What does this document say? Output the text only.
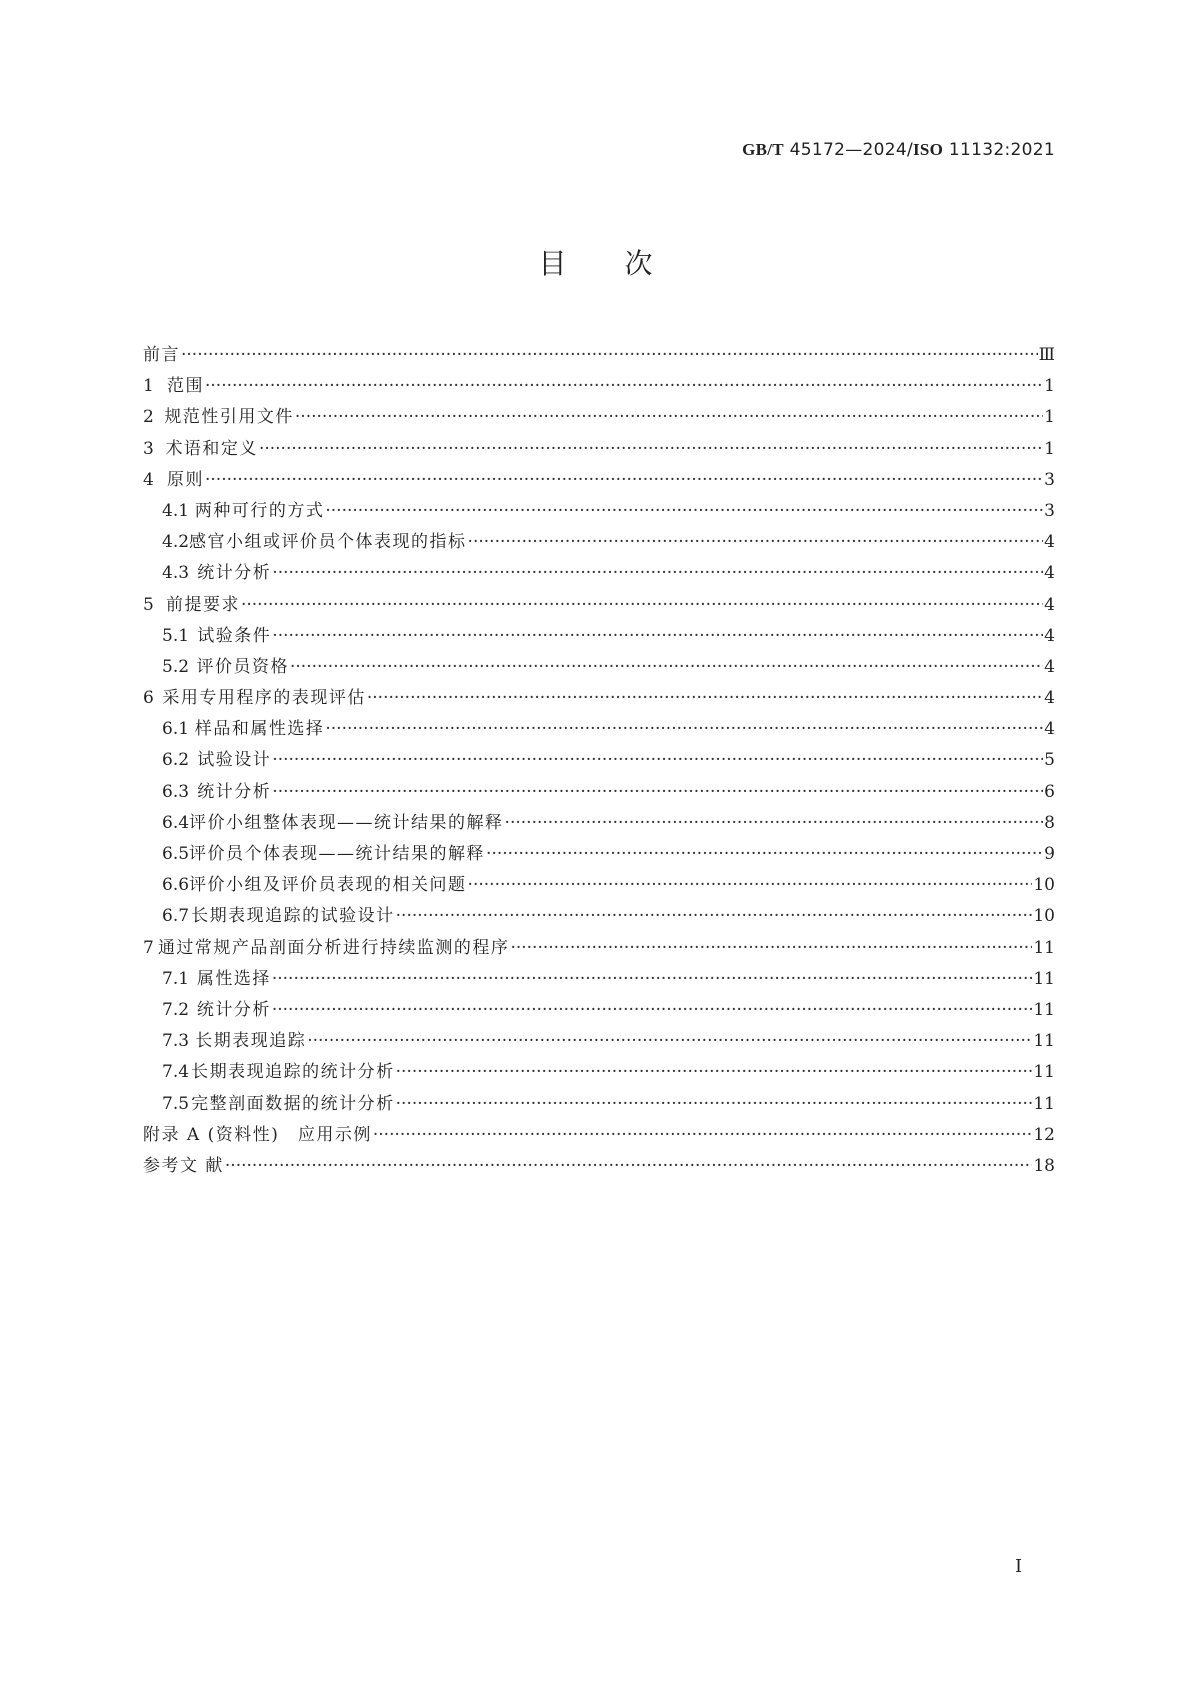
GB/T 45172—2024/ISO 11132:2021
目次
前言 ·····	Ⅲ
1 范围 ·····	1
2 规范性引用文件 ·····	1
3 术语和定义 ·····	1
4 原则 ·····	3
4.1 两种可行的方式 ·····	3
4.2 感官小组或评价员个体表现的指标 ·····	4
4.3 统计分析 ·····	4
5 前提要求 ·····	4
5.1 试验条件 ·····	4
5.2 评价员资格 ·····	4
6 采用专用程序的表现评估 ·····	4
6.1 样品和属性选择 ·····	4
6.2 试验设计 ·····	5
6.3 统计分析 ·····	6
6.4 评价小组整体表现——统计结果的解释 ·····	8
6.5 评价员个体表现——统计结果的解释 ·····	9
6.6 评价小组及评价员表现的相关问题 ·····	10
6.7 长期表现追踪的试验设计 ·····	10
7 通过常规产品剖面分析进行持续监测的程序 ·····	11
7.1 属性选择 ·····	11
7.2 统计分析 ·····	11
7.3 长期表现追踪 ·····	11
7.4 长期表现追踪的统计分析 ·····	11
7.5 完整剖面数据的统计分析 ·····	11
附录 A (资料性)　应用示例 ·····	12
参考文 献 ·····	18
I
